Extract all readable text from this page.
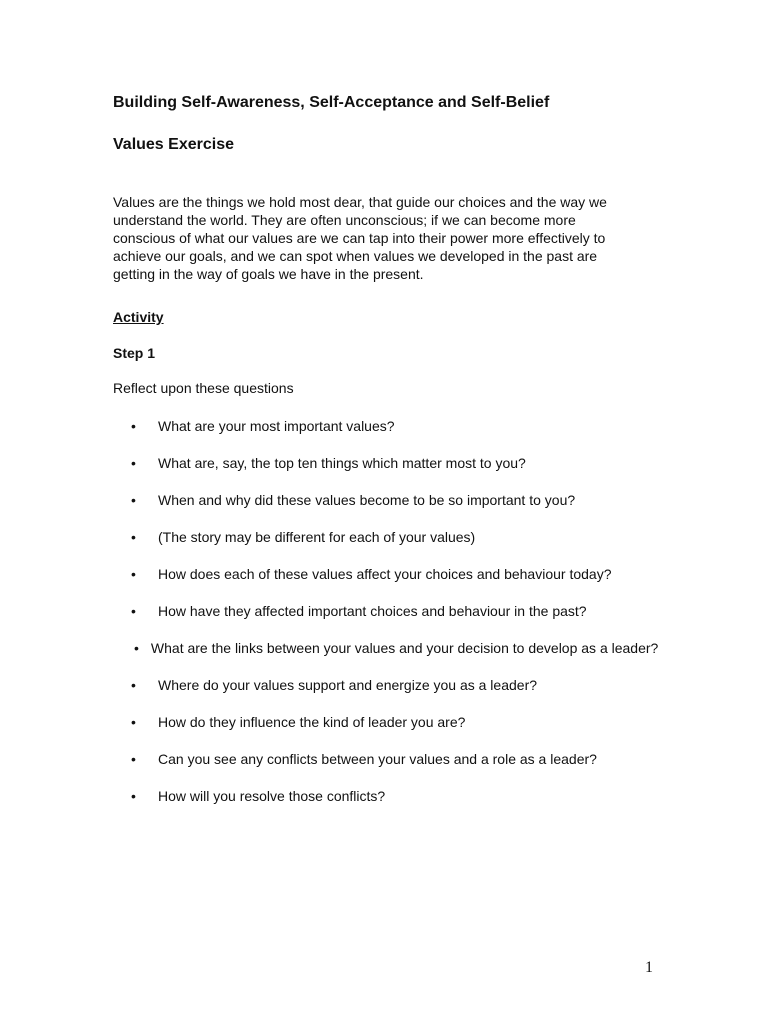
Building Self-Awareness, Self-Acceptance and Self-Belief
Values Exercise
Values are the things we hold most dear, that guide our choices and the way we
understand the world. They are often unconscious; if we can become more
conscious of what our values are we can tap into their power more effectively to
achieve our goals, and we can spot when values we developed in the past are
getting in the way of goals we have in the present.
Activity
Step 1
Reflect upon these questions
• What are your most important values?
• What are, say, the top ten things which matter most to you?
• When and why did these values become to be so important to you?
• (The story may be different for each of your values)
• How does each of these values affect your choices and behaviour today?
• How have they affected important choices and behaviour in the past?
• What are the links between your values and your decision to develop as a leader?
• Where do your values support and energize you as a leader?
• How do they influence the kind of leader you are?
• Can you see any conflicts between your values and a role as a leader?
• How will you resolve those conflicts?
1
